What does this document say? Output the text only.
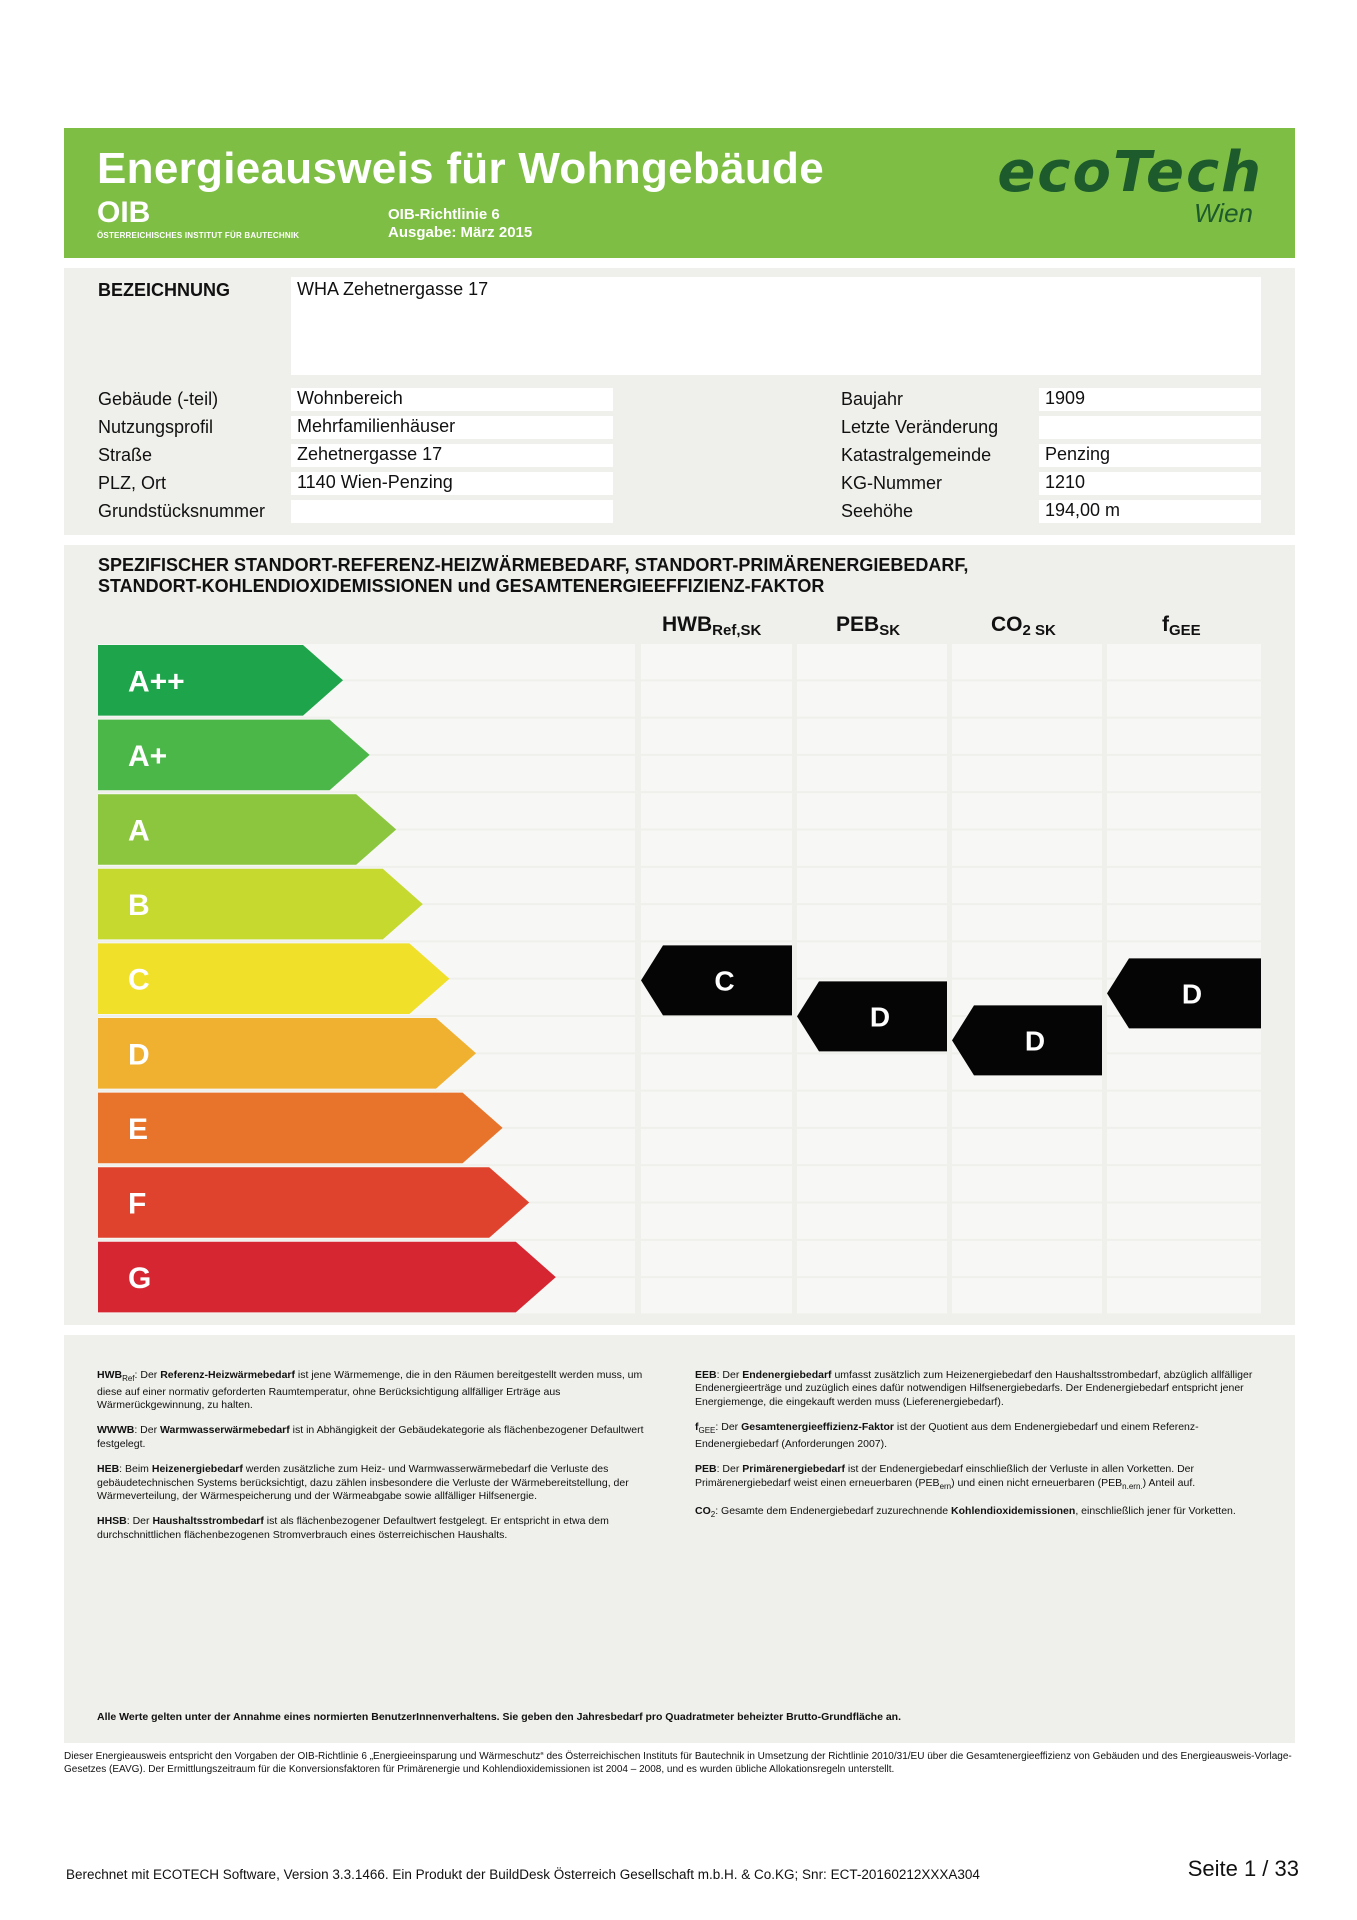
Energieausweis für Wohngebäude
OIB
ÖSTERREICHISCHES INSTITUT FÜR BAUTECHNIK
OIB-Richtlinie 6
Ausgabe: März 2015
ecoTech
Wien
BEZEICHNUNG	WHA Zehetnergasse 17
Gebäude (-teil)	Wohnbereich
Nutzungsprofil	Mehrfamilienhäuser
Straße	Zehetnergasse 17
PLZ, Ort	1140 Wien-Penzing
Grundstücksnummer
Baujahr	1909
Letzte Veränderung
Katastralgemeinde	Penzing
KG-Nummer	1210
Seehöhe	194,00 m
SPEZIFISCHER STANDORT-REFERENZ-HEIZWÄRMEBEDARF, STANDORT-PRIMÄRENERGIEBEDARF,
STANDORT-KOHLENDIOXIDEMISSIONEN und GESAMTENERGIEEFFIZIENZ-FAKTOR
$HWB_{Ref,SK}$	$PEB_{SK}$	$CO_{2 SK}$	$f_{GEE}$
A++
A+
A
B
C
D
E
F
G
C
D
D
D

$HWB_{Ref}$: Der Referenz-Heizwärmebedarf ist jene Wärmemenge, die in den Räumen bereitgestellt werden muss, um diese auf einer normativ geforderten Raumtemperatur, ohne Berücksichtigung allfälliger Erträge aus Wärmerückgewinnung, zu halten.

WWWB: Der Warmwasserwärmebedarf ist in Abhängigkeit der Gebäudekategorie als flächenbezogener Defaultwert festgelegt.

HEB: Beim Heizenergiebedarf werden zusätzliche zum Heiz- und Warmwasserwärmebedarf die Verluste des gebäudetechnischen Systems berücksichtigt, dazu zählen insbesondere die Verluste der Wärmebereitstellung, der Wärmeverteilung, der Wärmespeicherung und der Wärmeabgabe sowie allfälliger Hilfsenergie.

HHSB: Der Haushaltsstrombedarf ist als flächenbezogener Defaultwert festgelegt. Er entspricht in etwa dem durchschnittlichen flächenbezogenen Stromverbrauch eines österreichischen Haushalts.

EEB: Der Endenergiebedarf umfasst zusätzlich zum Heizenergiebedarf den Haushaltsstrombedarf, abzüglich allfälliger Endenergieerträge und zuzüglich eines dafür notwendigen Hilfsenergiebedarfs. Der Endenergiebedarf entspricht jener Energiemenge, die eingekauft werden muss (Lieferenergiebedarf).

$f_{GEE}$: Der Gesamtenergieeffizienz-Faktor ist der Quotient aus dem Endenergiebedarf und einem Referenz-Endenergiebedarf (Anforderungen 2007).

PEB: Der Primärenergiebedarf ist der Endenergiebedarf einschließlich der Verluste in allen Vorketten. Der Primärenergiebedarf weist einen erneuerbaren $(PEB_{ern})$ und einen nicht erneuerbaren $(PEB_{n.ern.})$ Anteil auf.

$CO_2$: Gesamte dem Endenergiebedarf zuzurechnende Kohlendioxidemissionen, einschließlich jener für Vorketten.

Alle Werte gelten unter der Annahme eines normierten BenutzerInnenverhaltens. Sie geben den Jahresbedarf pro Quadratmeter beheizter Brutto-Grundfläche an.
Dieser Energieausweis entspricht den Vorgaben der OIB-Richtlinie 6 „Energieeinsparung und Wärmeschutz“ des Österreichischen Instituts für Bautechnik in Umsetzung der Richtlinie 2010/31/EU über die Gesamtenergieeffizienz von Gebäuden und des Energieausweis-Vorlage-Gesetzes (EAVG). Der Ermittlungszeitraum für die Konversionsfaktoren für Primärenergie und Kohlendioxidemissionen ist 2004 – 2008, und es wurden übliche Allokationsregeln unterstellt.
Berechnet mit ECOTECH Software, Version 3.3.1466. Ein Produkt der BuildDesk Österreich Gesellschaft m.b.H. & Co.KG; Snr: ECT-20160212XXXA304	Seite 1 / 33
